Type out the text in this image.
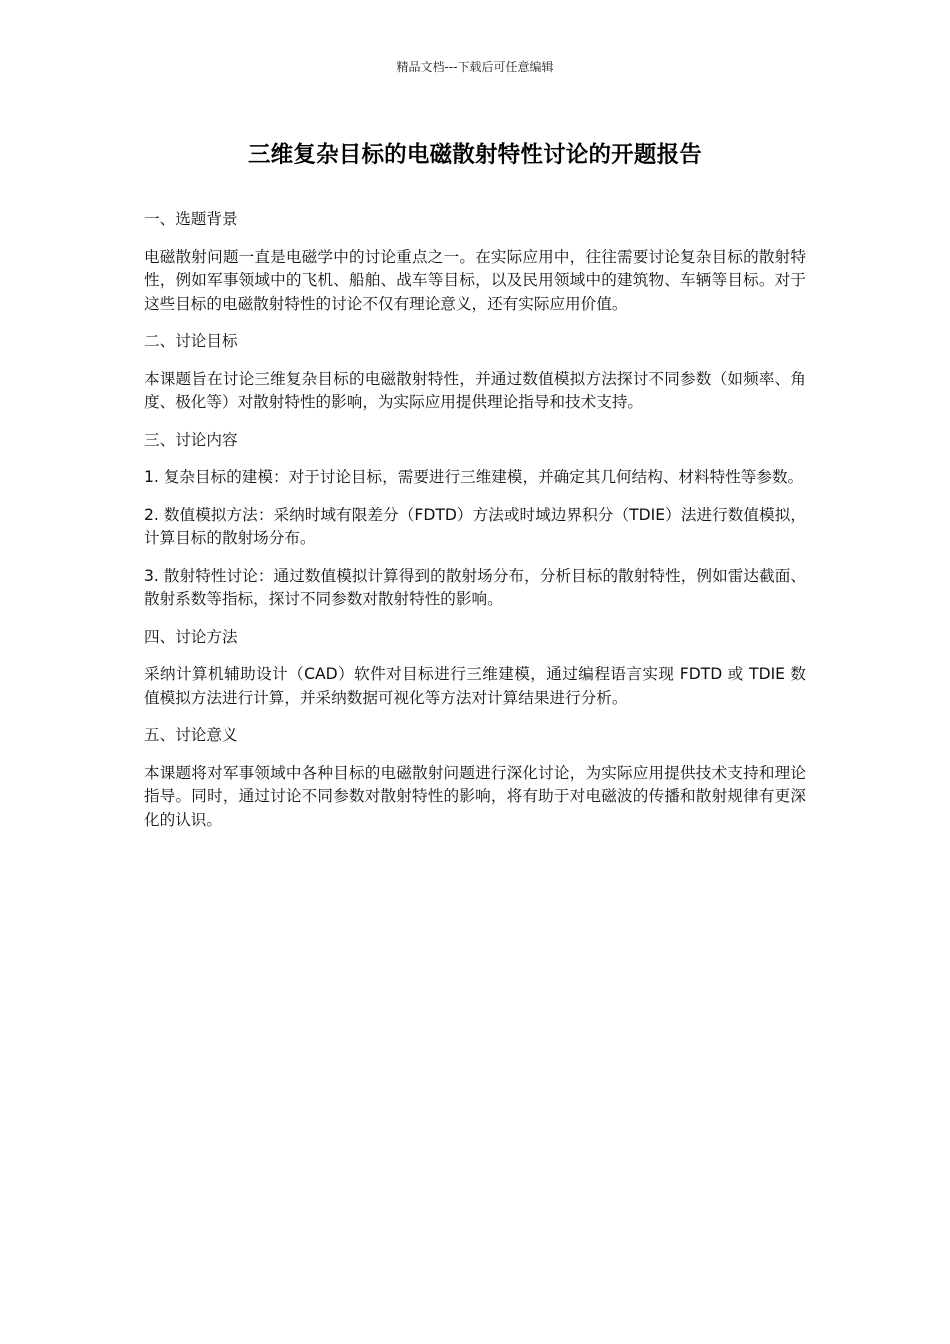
精品文档---下载后可任意编辑
三维复杂目标的电磁散射特性讨论的开题报告
一、选题背景
电磁散射问题一直是电磁学中的讨论重点之一。在实际应用中，往往需要讨论复杂目标的散射特性，例如军事领域中的飞机、船舶、战车等目标，以及民用领域中的建筑物、车辆等目标。对于这些目标的电磁散射特性的讨论不仅有理论意义，还有实际应用价值。
二、讨论目标
本课题旨在讨论三维复杂目标的电磁散射特性，并通过数值模拟方法探讨不同参数（如频率、角度、极化等）对散射特性的影响，为实际应用提供理论指导和技术支持。
三、讨论内容
1. 复杂目标的建模：对于讨论目标，需要进行三维建模，并确定其几何结构、材料特性等参数。
2. 数值模拟方法：采纳时域有限差分（FDTD）方法或时域边界积分（TDIE）法进行数值模拟，计算目标的散射场分布。
3. 散射特性讨论：通过数值模拟计算得到的散射场分布，分析目标的散射特性，例如雷达截面、散射系数等指标，探讨不同参数对散射特性的影响。
四、讨论方法
采纳计算机辅助设计（CAD）软件对目标进行三维建模，通过编程语言实现 FDTD 或 TDIE 数值模拟方法进行计算，并采纳数据可视化等方法对计算结果进行分析。
五、讨论意义
本课题将对军事领域中各种目标的电磁散射问题进行深化讨论，为实际应用提供技术支持和理论指导。同时，通过讨论不同参数对散射特性的影响，将有助于对电磁波的传播和散射规律有更深化的认识。
